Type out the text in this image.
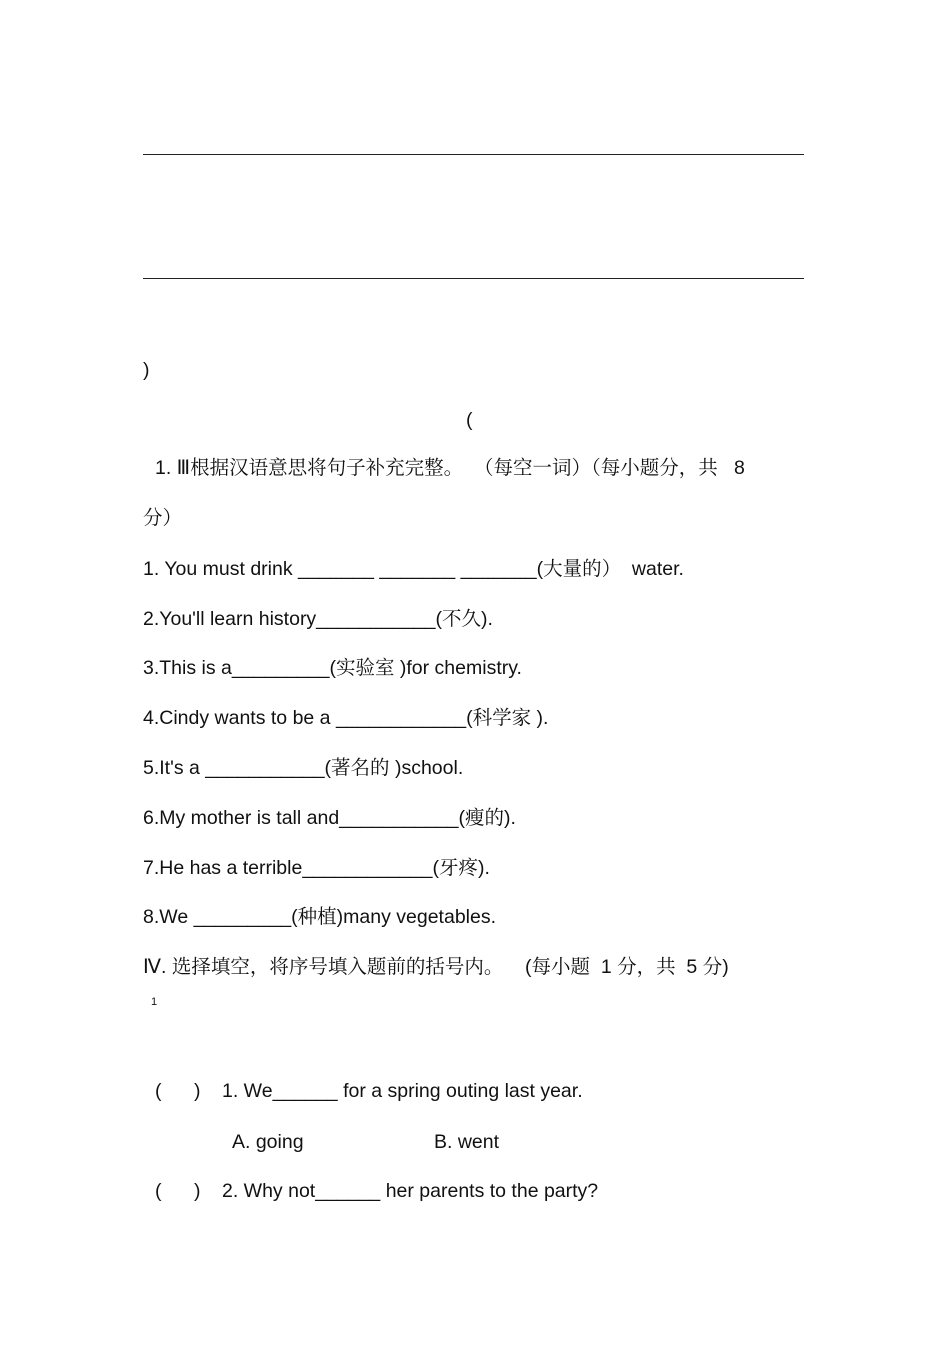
)
(
1. Ⅲ根据汉语意思将句子补充完整。  （每空一词）（每小题分，共   8
分）
1. You must drink _______ _______ _______(大量的）  water.
2.You'll learn history___________(不久).
3.This is a_________(实验室 )for chemistry.
4.Cindy wants to be a ____________(科学家 ).
5.It's a ___________(著名的 )school.
6.My mother is tall and___________(瘦的).
7.He has a terrible____________(牙疼).
8.We _________(种植)many vegetables.
Ⅳ. 选择填空，将序号填入题前的括号内。    (每小题  1 分，共  5 分)
1
(      ) 1. We______ for a spring outing last year.
A. going	B. went
(      ) 2. Why not______ her parents to the party?
